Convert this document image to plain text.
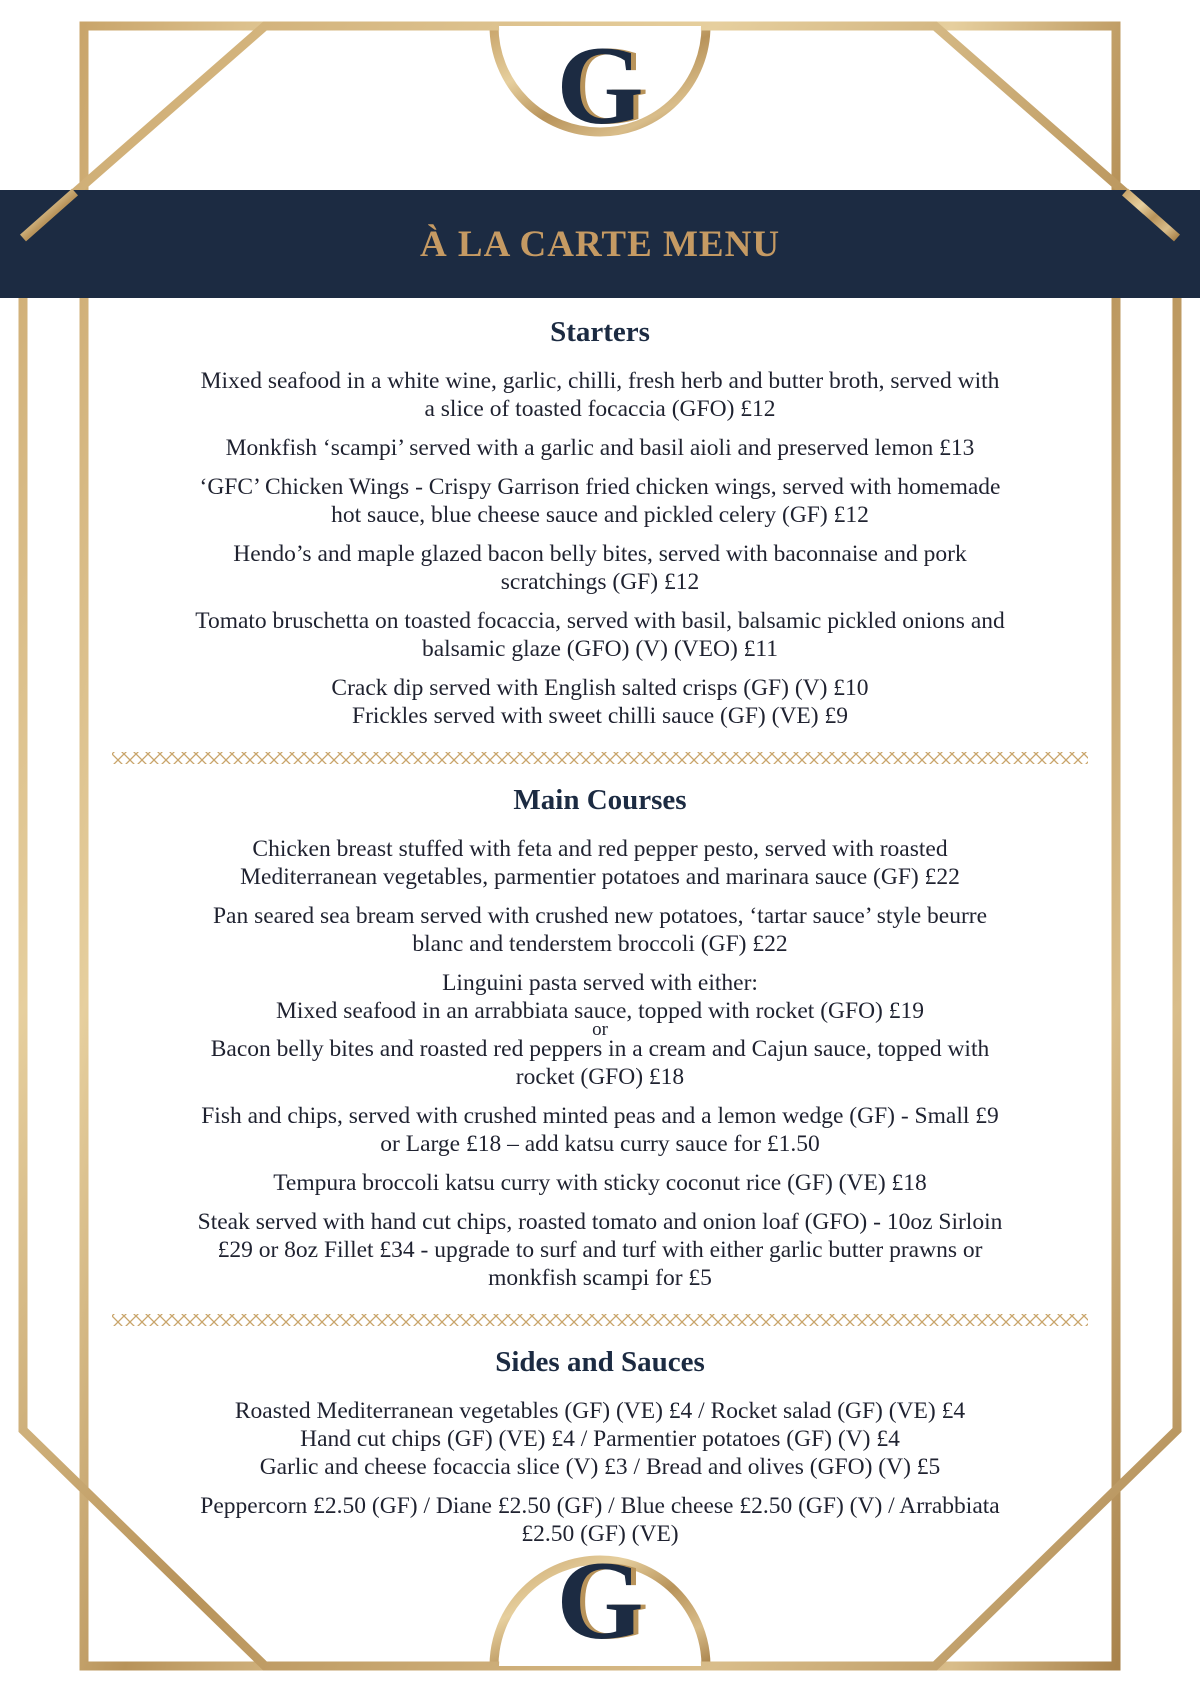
G
G
À LA CARTE MENU
Starters
Mixed seafood in a white wine, garlic, chilli, fresh herb and butter broth, served with
a slice of toasted focaccia (GFO) £12
Monkfish ‘scampi’ served with a garlic and basil aioli and preserved lemon £13
‘GFC’ Chicken Wings - Crispy Garrison fried chicken wings, served with homemade
hot sauce, blue cheese sauce and pickled celery (GF) £12
Hendo’s and maple glazed bacon belly bites, served with baconnaise and pork
scratchings (GF) £12
Tomato bruschetta on toasted focaccia, served with basil, balsamic pickled onions and
balsamic glaze (GFO) (V) (VEO) £11
Crack dip served with English salted crisps (GF) (V) £10
Frickles served with sweet chilli sauce (GF) (VE) £9
Main Courses
Chicken breast stuffed with feta and red pepper pesto, served with roasted
Mediterranean vegetables, parmentier potatoes and marinara sauce (GF) £22
Pan seared sea bream served with crushed new potatoes, ‘tartar sauce’ style beurre
blanc and tenderstem broccoli (GF) £22
Linguini pasta served with either:
Mixed seafood in an arrabbiata sauce, topped with rocket (GFO) £19
or
Bacon belly bites and roasted red peppers in a cream and Cajun sauce, topped with
rocket (GFO) £18
Fish and chips, served with crushed minted peas and a lemon wedge (GF) - Small £9
or Large £18 – add katsu curry sauce for £1.50
Tempura broccoli katsu curry with sticky coconut rice (GF) (VE) £18
Steak served with hand cut chips, roasted tomato and onion loaf (GFO) - 10oz Sirloin
£29 or 8oz Fillet £34 - upgrade to surf and turf with either garlic butter prawns or
monkfish scampi for £5
Sides and Sauces
Roasted Mediterranean vegetables (GF) (VE) £4 / Rocket salad (GF) (VE) £4
Hand cut chips (GF) (VE) £4 / Parmentier potatoes (GF) (V) £4
Garlic and cheese focaccia slice (V) £3 / Bread and olives (GFO) (V) £5
Peppercorn £2.50 (GF) / Diane £2.50 (GF) / Blue cheese £2.50 (GF) (V) / Arrabbiata
£2.50 (GF) (VE)
